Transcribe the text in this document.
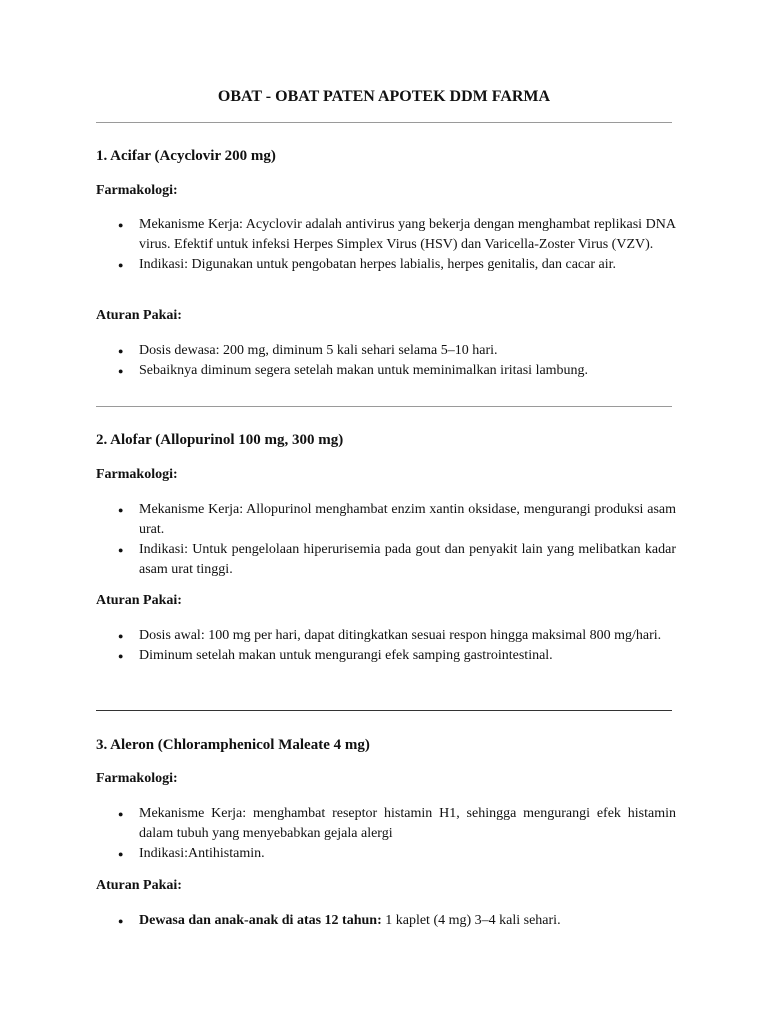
OBAT - OBAT PATEN APOTEK DDM FARMA
1. Acifar (Acyclovir 200 mg)
Farmakologi:
● Mekanisme Kerja: Acyclovir adalah antivirus yang bekerja dengan menghambat replikasi DNA virus. Efektif untuk infeksi Herpes Simplex Virus (HSV) dan Varicella-Zoster Virus (VZV).
● Indikasi: Digunakan untuk pengobatan herpes labialis, herpes genitalis, dan cacar air.
Aturan Pakai:
● Dosis dewasa: 200 mg, diminum 5 kali sehari selama 5–10 hari.
● Sebaiknya diminum segera setelah makan untuk meminimalkan iritasi lambung.
2. Alofar (Allopurinol 100 mg, 300 mg)
Farmakologi:
● Mekanisme Kerja: Allopurinol menghambat enzim xantin oksidase, mengurangi produksi asam urat.
● Indikasi: Untuk pengelolaan hiperurisemia pada gout dan penyakit lain yang melibatkan kadar asam urat tinggi.
Aturan Pakai:
● Dosis awal: 100 mg per hari, dapat ditingkatkan sesuai respon hingga maksimal 800 mg/hari.
● Diminum setelah makan untuk mengurangi efek samping gastrointestinal.
3. Aleron (Chloramphenicol Maleate 4 mg)
Farmakologi:
● Mekanisme Kerja: menghambat reseptor histamin H1, sehingga mengurangi efek histamin dalam tubuh yang menyebabkan gejala alergi
● Indikasi:Antihistamin.
Aturan Pakai:
● Dewasa dan anak-anak di atas 12 tahun: 1 kaplet (4 mg) 3–4 kali sehari.
